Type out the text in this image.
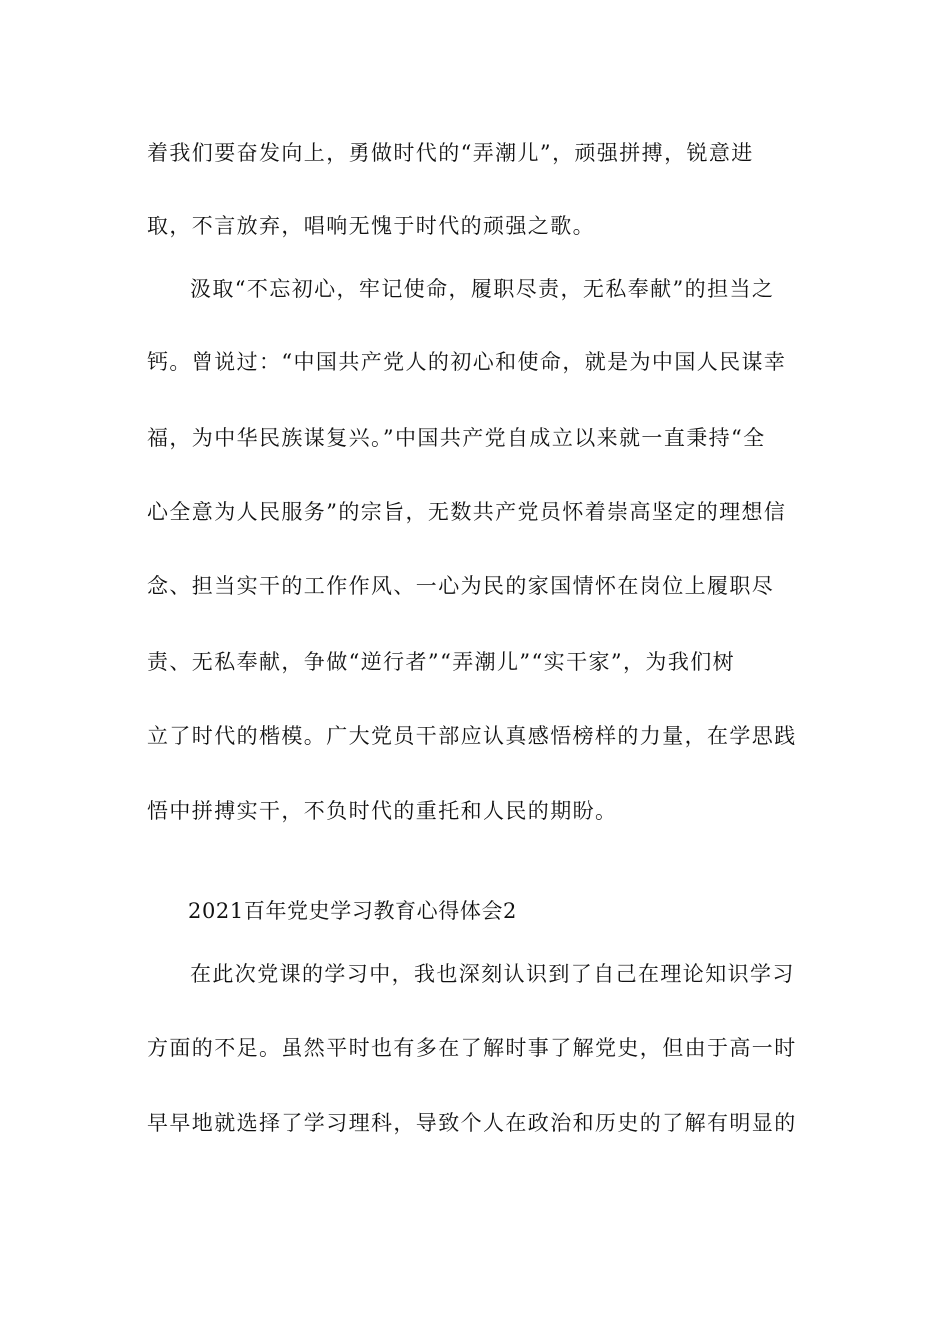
着我们要奋发向上，勇做时代的“弄潮儿”，顽强拼搏，锐意进
取，不言放弃，唱响无愧于时代的顽强之歌。
汲取“不忘初心，牢记使命，履职尽责，无私奉献”的担当之
钙。曾说过：“中国共产党人的初心和使命，就是为中国人民谋幸
福，为中华民族谋复兴。”中国共产党自成立以来就一直秉持“全
心全意为人民服务”的宗旨，无数共产党员怀着崇高坚定的理想信
念、担当实干的工作作风、一心为民的家国情怀在岗位上履职尽
责、无私奉献，争做“逆行者”“弄潮儿”“实干家”，为我们树
立了时代的楷模。广大党员干部应认真感悟榜样的力量，在学思践
悟中拼搏实干，不负时代的重托和人民的期盼。
2021百年党史学习教育心得体会2
在此次党课的学习中，我也深刻认识到了自己在理论知识学习
方面的不足。虽然平时也有多在了解时事了解党史，但由于高一时
早早地就选择了学习理科，导致个人在政治和历史的了解有明显的
